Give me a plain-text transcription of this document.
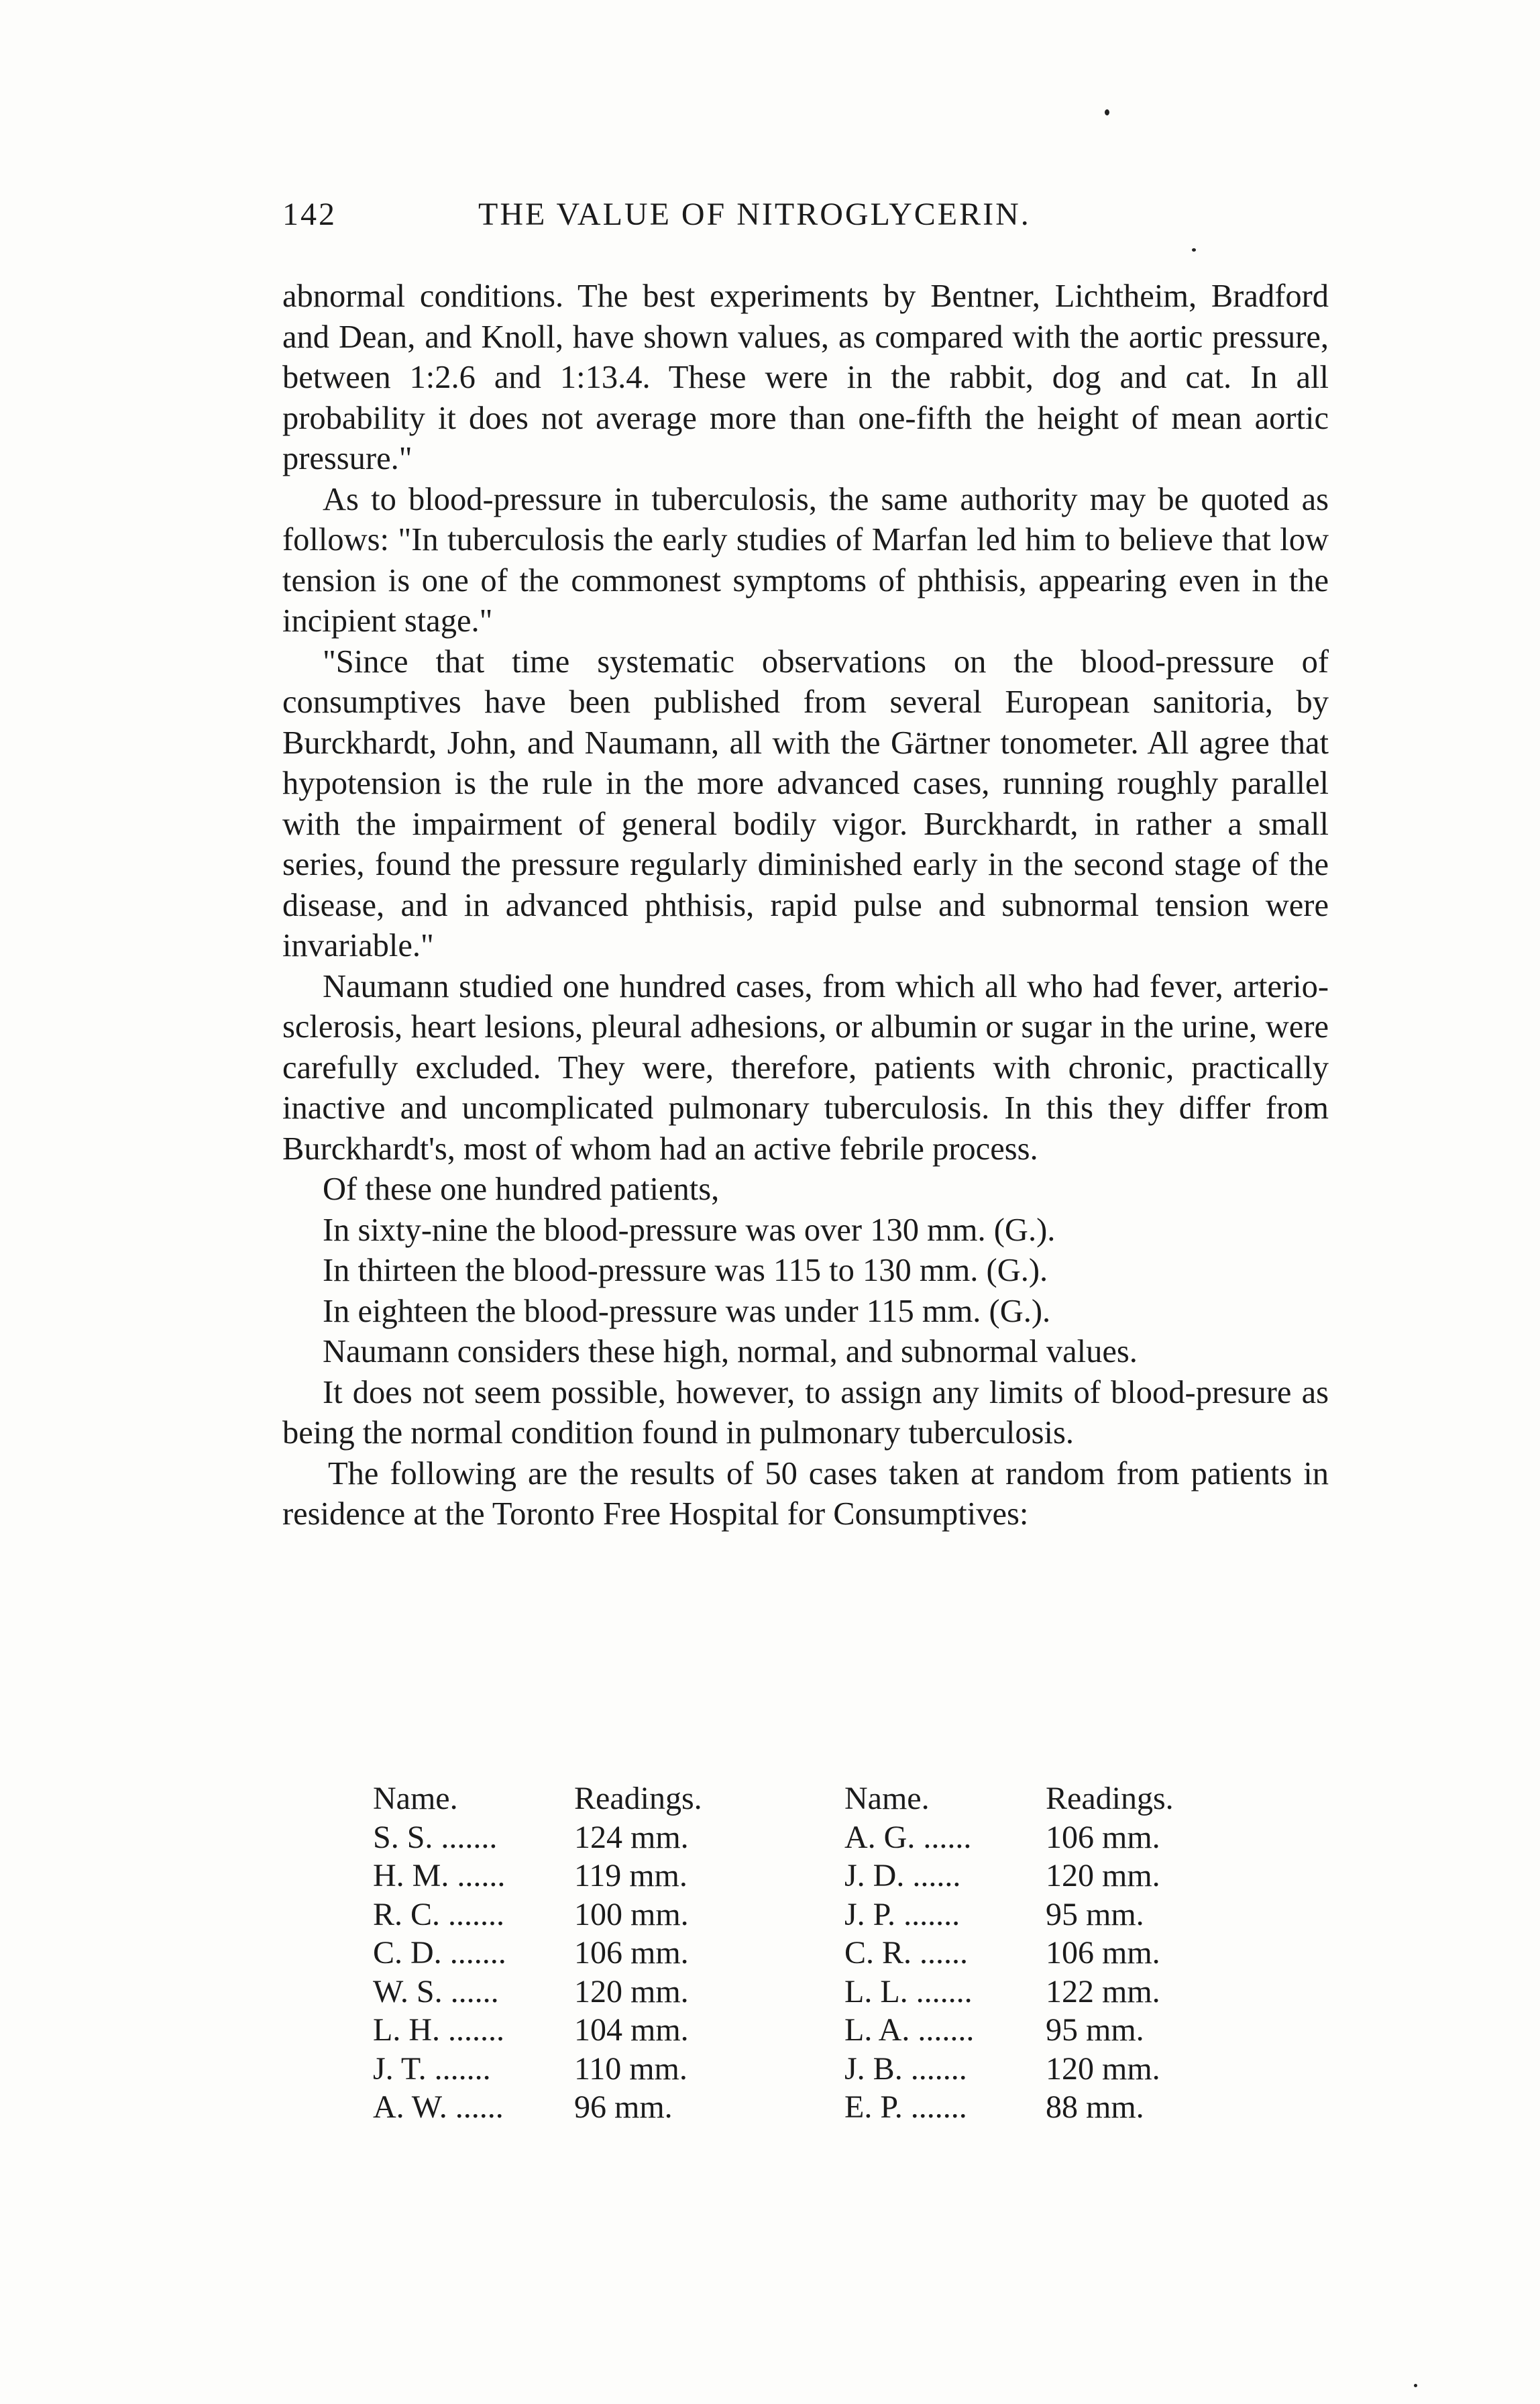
142	THE VALUE OF NITROGLYCERIN.

abnormal conditions. The best experiments by Bentner, Lichtheim, Bradford and Dean, and Knoll, have shown values, as compared with the aortic pressure, between 1:2.6 and 1:13.4. These were in the rabbit, dog and cat. In all probability it does not average more than one-fifth the height of mean aortic pressure."

As to blood-pressure in tuberculosis, the same authority may be quoted as follows: "In tuberculosis the early studies of Marfan led him to believe that low tension is one of the commonest symptoms of phthisis, appearing even in the incipient stage."

"Since that time systematic observations on the blood-pressure of consumptives have been published from several European sanitoria, by Burckhardt, John, and Naumann, all with the Gärtner tonometer. All agree that hypotension is the rule in the more advanced cases, running roughly parallel with the impairment of general bodily vigor. Burckhardt, in rather a small series, found the pressure regularly diminished early in the second stage of the disease, and in advanced phthisis, rapid pulse and subnormal tension were invariable."

Naumann studied one hundred cases, from which all who had fever, arterio-sclerosis, heart lesions, pleural adhesions, or albumin or sugar in the urine, were carefully excluded. They were, therefore, patients with chronic, practically inactive and uncomplicated pulmonary tuberculosis. In this they differ from Burckhardt's, most of whom had an active febrile process.

Of these one hundred patients,

In sixty-nine the blood-pressure was over 130 mm. (G.).

In thirteen the blood-pressure was 115 to 130 mm. (G.).

In eighteen the blood-pressure was under 115 mm. (G.).

Naumann considers these high, normal, and subnormal values.

It does not seem possible, however, to assign any limits of blood-presure as being the normal condition found in pulmonary tuberculosis.

The following are the results of 50 cases taken at random from patients in residence at the Toronto Free Hospital for Consumptives:

Name.	Readings.
S. S. .......	124 mm.
H. M. ......	119 mm.
R. C. .......	100 mm.
C. D. .......	106 mm.
W. S. ......	120 mm.
L. H. .......	104 mm.
J. T. .......	110 mm.
A. W. ......	96 mm.
Name.	Readings.
A. G. ......	106 mm.
J. D. ......	120 mm.
J. P. .......	95 mm.
C. R. ......	106 mm.
L. L. .......	122 mm.
L. A. .......	95 mm.
J. B. .......	120 mm.
E. P. .......	88 mm.
